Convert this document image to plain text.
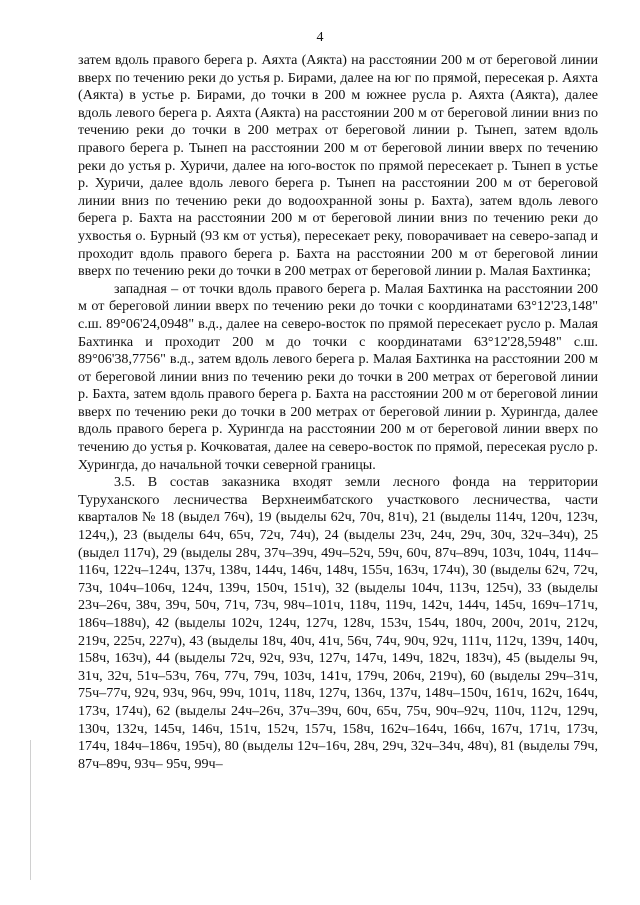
4

затем вдоль правого берега р. Аяхта (Аякта) на расстоянии 200 м от береговой линии вверх по течению реки до устья р. Бирами, далее на юг по прямой, пересекая р. Аяхта (Аякта) в устье р. Бирами, до точки в 200 м южнее русла р. Аяхта (Аякта), далее вдоль левого берега р. Аяхта (Аякта) на расстоянии 200 м от береговой линии вниз по течению реки до точки в 200 метрах от береговой линии р. Тынеп, затем вдоль правого берега р. Тынеп на расстоянии 200 м от береговой линии вверх по течению реки до устья р. Хуричи, далее на юго-восток по прямой пересекает р. Тынеп в устье р. Хуричи, далее вдоль левого берега р. Тынеп на расстоянии 200 м от береговой линии вниз по течению реки до водоохранной зоны р. Бахта), затем вдоль левого берега р. Бахта на расстоянии 200 м от береговой линии вниз по течению реки до ухвостья о. Бурный (93 км от устья), пересекает реку, поворачивает на северо-запад и проходит вдоль правого берега р. Бахта на расстоянии 200 м от береговой линии вверх по течению реки до точки в 200 метрах от береговой линии р. Малая Бахтинка;

западная – от точки вдоль правого берега р. Малая Бахтинка на расстоянии 200 м от береговой линии вверх по течению реки до точки с координатами 63°12'23,148" с.ш. 89°06'24,0948" в.д., далее на северо-восток по прямой пересекает русло р. Малая Бахтинка и проходит 200 м до точки с координатами 63°12'28,5948" с.ш. 89°06'38,7756" в.д., затем вдоль левого берега р. Малая Бахтинка на расстоянии 200 м от береговой линии вниз по течению реки до точки в 200 метрах от береговой линии р. Бахта, затем вдоль правого берега р. Бахта на расстоянии 200 м от береговой линии вверх по течению реки до точки в 200 метрах от береговой линии р. Хурингда, далее вдоль правого берега р. Хурингда на расстоянии 200 м от береговой линии вверх по течению до устья р. Кочковатая, далее на северо-восток по прямой, пересекая русло р. Хурингда, до начальной точки северной границы.

3.5. В состав заказника входят земли лесного фонда на территории Туруханского лесничества Верхнеимбатского участкового лесничества, части кварталов № 18 (выдел 76ч), 19 (выделы 62ч, 70ч, 81ч), 21 (выделы 114ч, 120ч, 123ч, 124ч,), 23 (выделы 64ч, 65ч, 72ч, 74ч), 24 (выделы 23ч, 24ч, 29ч, 30ч, 32ч–34ч), 25 (выдел 117ч), 29 (выделы 28ч, 37ч–39ч, 49ч–52ч, 59ч, 60ч, 87ч–89ч, 103ч, 104ч, 114ч–116ч, 122ч–124ч, 137ч, 138ч, 144ч, 146ч, 148ч, 155ч, 163ч, 174ч), 30 (выделы 62ч, 72ч, 73ч, 104ч–106ч, 124ч, 139ч, 150ч, 151ч), 32 (выделы 104ч, 113ч, 125ч), 33 (выделы 23ч–26ч, 38ч, 39ч, 50ч, 71ч, 73ч, 98ч–101ч, 118ч, 119ч, 142ч, 144ч, 145ч, 169ч–171ч, 186ч–188ч), 42 (выделы 102ч, 124ч, 127ч, 128ч, 153ч, 154ч, 180ч, 200ч, 201ч, 212ч, 219ч, 225ч, 227ч), 43 (выделы 18ч, 40ч, 41ч, 56ч, 74ч, 90ч, 92ч, 111ч, 112ч, 139ч, 140ч, 158ч, 163ч), 44 (выделы 72ч, 92ч, 93ч, 127ч, 147ч, 149ч, 182ч, 183ч), 45 (выделы 9ч, 31ч, 32ч, 51ч–53ч, 76ч, 77ч, 79ч, 103ч, 141ч, 179ч, 206ч, 219ч), 60 (выделы 29ч–31ч, 75ч–77ч, 92ч, 93ч, 96ч, 99ч, 101ч, 118ч, 127ч, 136ч, 137ч, 148ч–150ч, 161ч, 162ч, 164ч, 173ч, 174ч), 62 (выделы 24ч–26ч, 37ч–39ч, 60ч, 65ч, 75ч, 90ч–92ч, 110ч, 112ч, 129ч, 130ч, 132ч, 145ч, 146ч, 151ч, 152ч, 157ч, 158ч, 162ч–164ч, 166ч, 167ч, 171ч, 173ч, 174ч, 184ч–186ч, 195ч), 80 (выделы 12ч–16ч, 28ч, 29ч, 32ч–34ч, 48ч), 81 (выделы 79ч, 87ч–89ч, 93ч– 95ч, 99ч–
